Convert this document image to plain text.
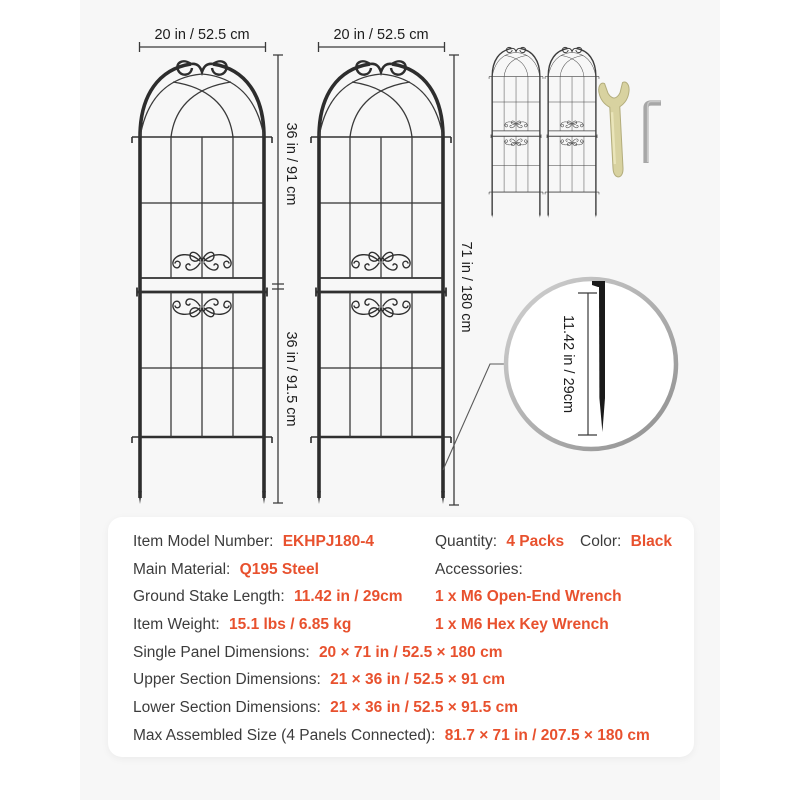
20 in / 52.5 cm	20 in / 52.5 cm
36 in / 91 cm
36 in / 91.5 cm
71 in / 180 cm
11.42 in / 29cm
Item Model Number: EKHPJ180-4
Main Material: Q195 Steel
Ground Stake Length: 11.42 in / 29cm
Item Weight: 15.1 lbs / 6.85 kg
Single Panel Dimensions: 20 × 71 in / 52.5 × 180 cm
Upper Section Dimensions: 21 × 36 in / 52.5 × 91 cm
Lower Section Dimensions: 21 × 36 in / 52.5 × 91.5 cm
Max Assembled Size (4 Panels Connected): 81.7 × 71 in / 207.5 × 180 cm
Quantity: 4 Packs Color: Black
Accessories:
1 x M6 Open-End Wrench
1 x M6 Hex Key Wrench
